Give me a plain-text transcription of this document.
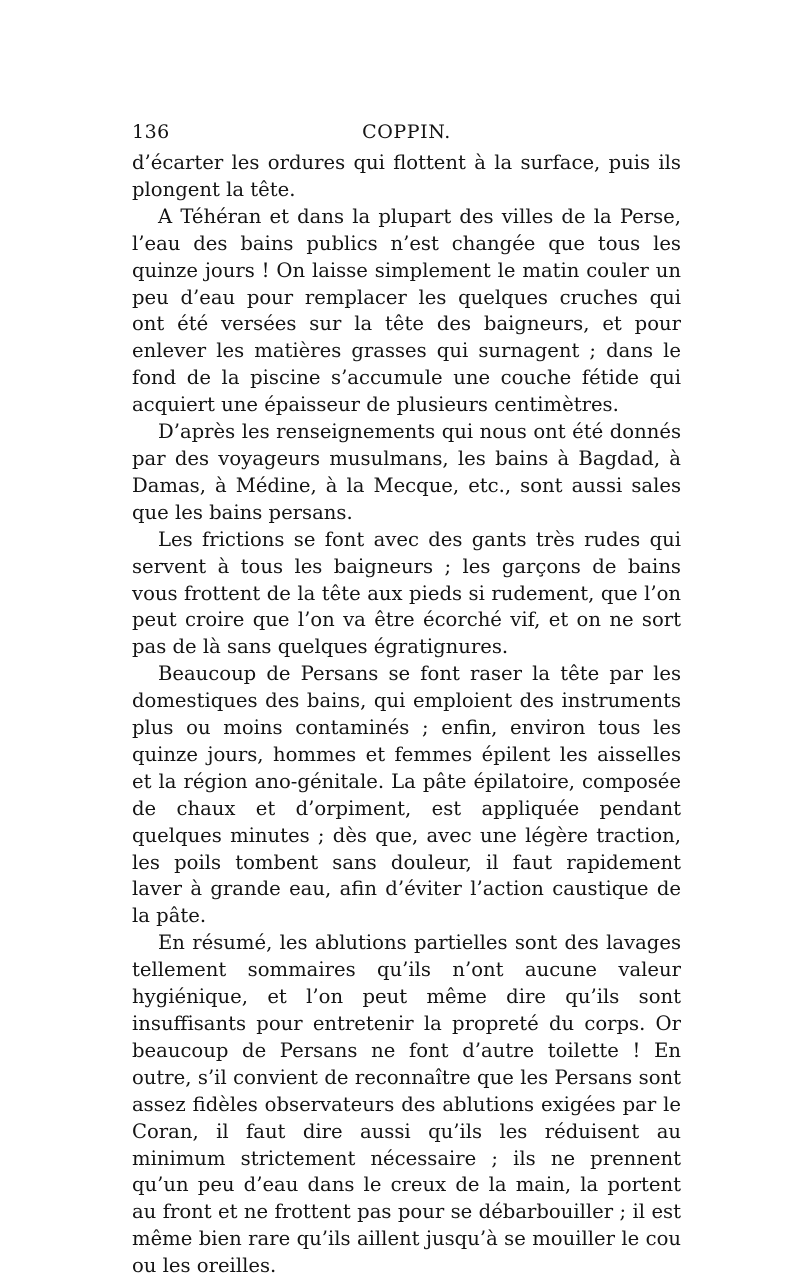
136	COPPIN.

d’écarter les ordures qui flottent à la surface, puis ils plongent la tête.

A Téhéran et dans la plupart des villes de la Perse, l’eau des bains publics n’est changée que tous les quinze jours ! On laisse simplement le matin couler un peu d’eau pour remplacer les quelques cruches qui ont été versées sur la tête des baigneurs, et pour enlever les matières grasses qui surnagent ; dans le fond de la piscine s’accumule une couche fétide qui acquiert une épaisseur de plusieurs centimètres.

D’après les renseignements qui nous ont été donnés par des voyageurs musulmans, les bains à Bagdad, à Damas, à Médine, à la Mecque, etc., sont aussi sales que les bains persans.

Les frictions se font avec des gants très rudes qui servent à tous les baigneurs ; les garçons de bains vous frottent de la tête aux pieds si rudement, que l’on peut croire que l’on va être écorché vif, et on ne sort pas de là sans quelques égratignures.

Beaucoup de Persans se font raser la tête par les domestiques des bains, qui emploient des instruments plus ou moins contaminés ; enfin, environ tous les quinze jours, hommes et femmes épilent les aisselles et la région ano-génitale. La pâte épilatoire, composée de chaux et d’orpiment, est appliquée pendant quelques minutes ; dès que, avec une légère traction, les poils tombent sans douleur, il faut rapidement laver à grande eau, afin d’éviter l’action caustique de la pâte.

En résumé, les ablutions partielles sont des lavages tellement sommaires qu’ils n’ont aucune valeur hygiénique, et l’on peut même dire qu’ils sont insuffisants pour entretenir la propreté du corps. Or beaucoup de Persans ne font d’autre toilette ! En outre, s’il convient de reconnaître que les Persans sont assez fidèles observateurs des ablutions exigées par le Coran, il faut dire aussi qu’ils les réduisent au minimum strictement nécessaire ; ils ne prennent qu’un peu d’eau dans le creux de la main, la portent au front et ne frottent pas pour se débarbouiller ; il est même bien rare qu’ils aillent jusqu’à se mouiller le cou ou les oreilles.
